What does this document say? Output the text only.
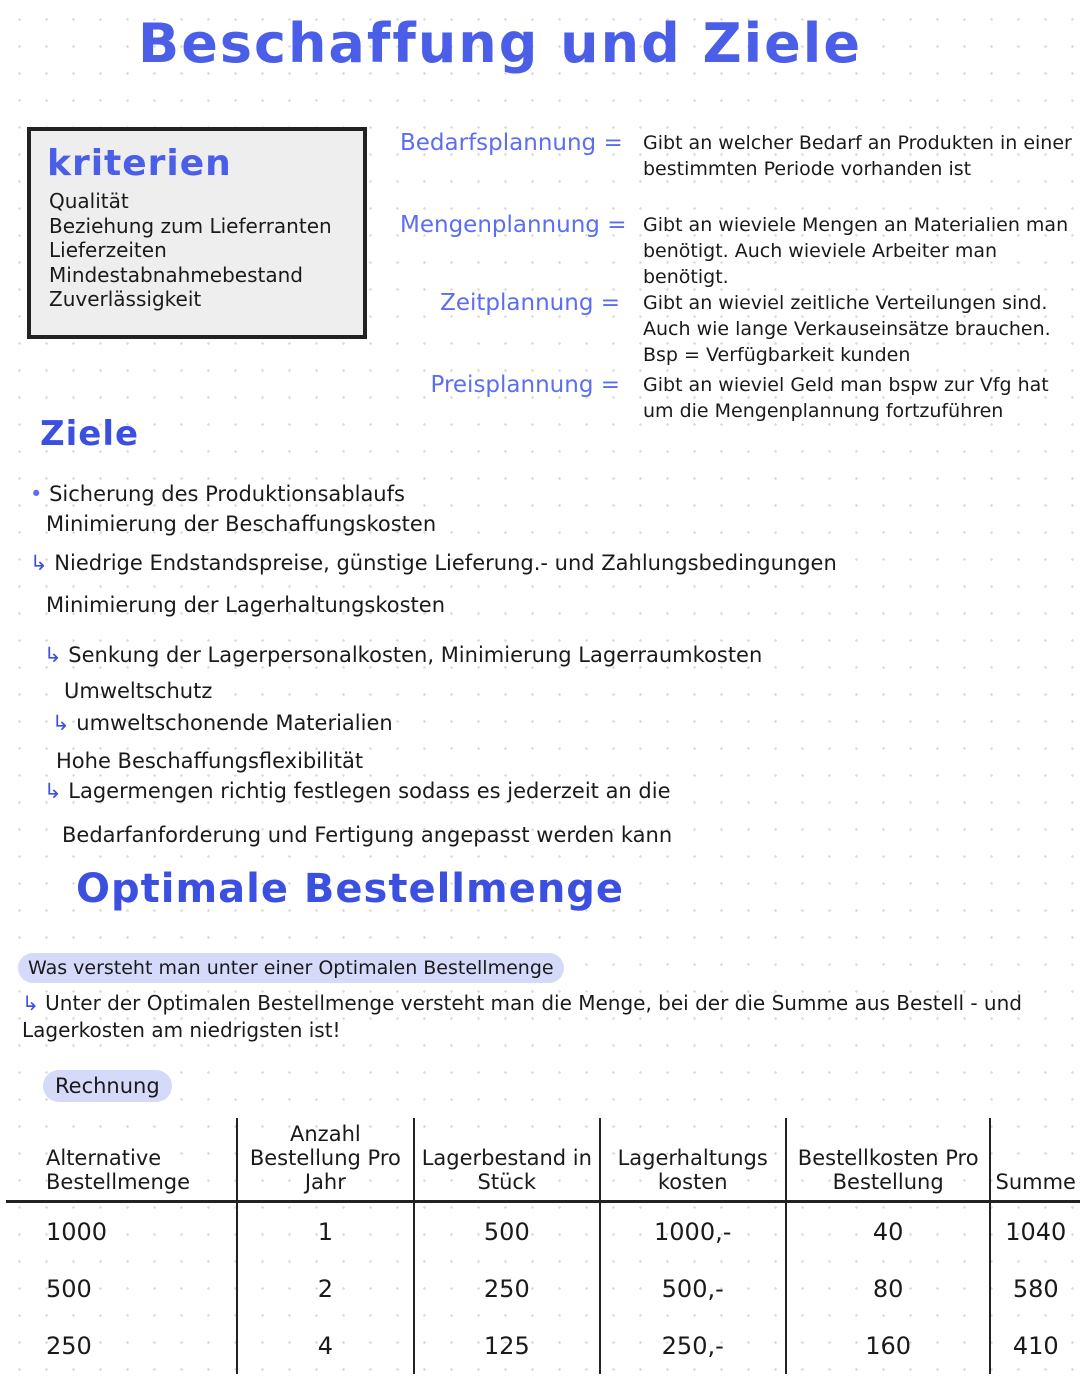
Beschaffung und Ziele
kriterien
Qualität
Beziehung zum Lieferranten
Lieferzeiten
Mindestabnahmebestand
Zuverlässigkeit
Bedarfsplannung = Gibt an welcher Bedarf an Produkten in einer bestimmten Periode vorhanden ist
Mengenplannung = Gibt an wieviele Mengen an Materialien man benötigt. Auch wieviele Arbeiter man benötigt.
Zeitplannung = Gibt an wieviel zeitliche Verteilungen sind. Auch wie lange Verkauseinsätze brauchen. Bsp = Verfügbarkeit kunden
Preisplannung = Gibt an wieviel Geld man bspw zur Vfg hat um die Mengenplannung fortzuführen
Ziele
• Sicherung des Produktionsablaufs
Minimierung der Beschaffungskosten
↳ Niedrige Endstandspreise, günstige Lieferung.- und Zahlungsbedingungen
Minimierung der Lagerhaltungskosten
↳ Senkung der Lagerpersonalkosten, Minimierung Lagerraumkosten
Umweltschutz
↳ umweltschonende Materialien
Hohe Beschaffungsflexibilität
↳ Lagermengen richtig festlegen sodass es jederzeit an die
Bedarfanforderung und Fertigung angepasst werden kann
Optimale Bestellmenge
Was versteht man unter einer Optimalen Bestellmenge
↳ Unter der Optimalen Bestellmenge versteht man die Menge, bei der die Summe aus Bestell - und Lagerkosten am niedrigsten ist!
Rechnung
Alternative Bestellmenge	Anzahl Bestellung Pro Jahr	Lagerbestand in Stück	Lagerhaltungs kosten	Bestellkosten Pro Bestellung	Summe
1000	1	500	1000,-	40	1040
500	2	250	500,-	80	580
250	4	125	250,-	160	410
